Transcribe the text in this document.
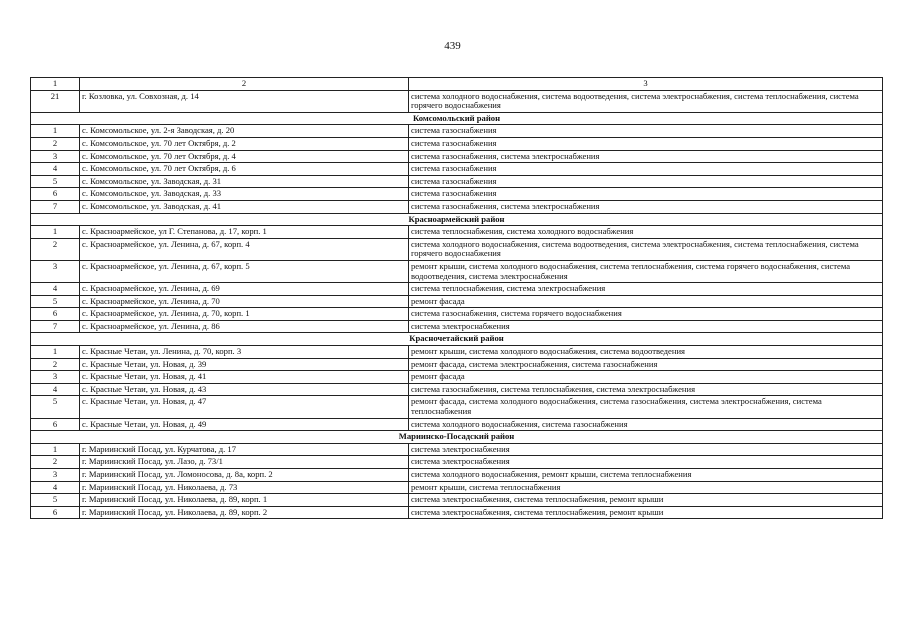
439
1	2	3
21	г. Козловка, ул. Совхозная, д. 14	система холодного водоснабжения, система водоотведения, система электроснабжения, система теплоснабжения, система горячего водоснабжения
Комсомольский район		
1	с. Комсомольское, ул. 2-я Заводская, д. 20	система газоснабжения
2	с. Комсомольское, ул. 70 лет Октября, д. 2	система газоснабжения
3	с. Комсомольское, ул. 70 лет Октября, д. 4	система газоснабжения, система электроснабжения
4	с. Комсомольское, ул. 70 лет Октября, д. 6	система газоснабжения
5	с. Комсомольское, ул. Заводская, д. 31	система газоснабжения
6	с. Комсомольское, ул. Заводская, д. 33	система газоснабжения
7	с. Комсомольское, ул. Заводская, д. 41	система газоснабжения, система электроснабжения
Красноармейский район		
1	с. Красноармейское, ул Г. Степанова, д. 17, корп. 1	система теплоснабжения, система холодного водоснабжения
2	с. Красноармейское, ул. Ленина, д. 67, корп. 4	система холодного водоснабжения, система водоотведения, система электроснабжения, система теплоснабжения, система горячего водоснабжения
3	с. Красноармейское, ул. Ленина, д. 67, корп. 5	ремонт крыши, система холодного водоснабжения, система теплоснабжения, система горячего водоснабжения, система водоотведения, система электроснабжения
4	с. Красноармейское, ул. Ленина, д. 69	система теплоснабжения, система электроснабжения
5	с. Красноармейское, ул. Ленина, д. 70	ремонт фасада
6	с. Красноармейское, ул. Ленина, д. 70, корп. 1	система газоснабжения, система горячего водоснабжения
7	с. Красноармейское, ул. Ленина, д. 86	система электроснабжения
Красночетайский район		
1	с. Красные Четаи, ул. Ленина, д. 70, корп. 3	ремонт крыши, система холодного водоснабжения, система водоотведения
2	с. Красные Четаи, ул. Новая, д. 39	ремонт фасада, система электроснабжения, система газоснабжения
3	с. Красные Четаи, ул. Новая, д. 41	ремонт фасада
4	с. Красные Четаи, ул. Новая, д. 43	система газоснабжения, система теплоснабжения, система электроснабжения
5	с. Красные Четаи, ул. Новая, д. 47	ремонт фасада, система холодного водоснабжения, система газоснабжения, система электроснабжения, система теплоснабжения
6	с. Красные Четаи, ул. Новая, д. 49	система холодного водоснабжения, система газоснабжения
Мариинско-Посадский район		
1	г. Мариинский Посад, ул. Курчатова, д. 17	система электроснабжения
2	г. Мариинский Посад, ул. Лазо, д. 73/1	система электроснабжения
3	г. Мариинский Посад, ул. Ломоносова, д. 8а, корп. 2	система холодного водоснабжения, ремонт крыши, система теплоснабжения
4	г. Мариинский Посад, ул. Николаева, д. 73	ремонт крыши, система теплоснабжения
5	г. Мариинский Посад, ул. Николаева, д. 89, корп. 1	система электроснабжения, система теплоснабжения, ремонт крыши
6	г. Мариинский Посад, ул. Николаева, д. 89, корп. 2	система электроснабжения, система теплоснабжения, ремонт крыши
